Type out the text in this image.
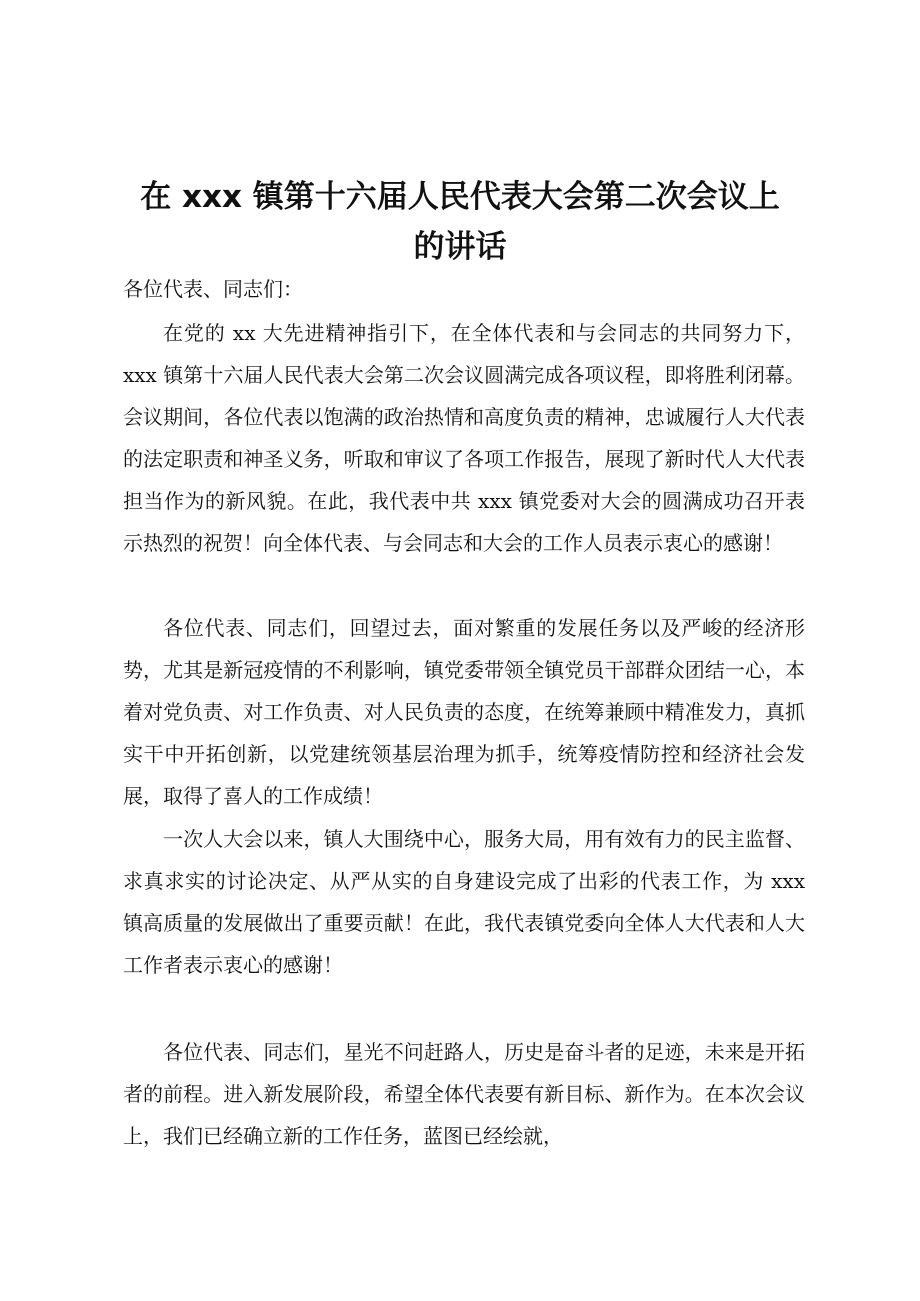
在 xxx 镇第十六届人民代表大会第二次会议上
的讲话

各位代表、同志们：

在党的 xx 大先进精神指引下，在全体代表和与会同志的共同努力下，xxx 镇第十六届人民代表大会第二次会议圆满完成各项议程，即将胜利闭幕。会议期间，各位代表以饱满的政治热情和高度负责的精神，忠诚履行人大代表的法定职责和神圣义务，听取和审议了各项工作报告，展现了新时代人大代表担当作为的新风貌。在此，我代表中共 xxx 镇党委对大会的圆满成功召开表示热烈的祝贺！向全体代表、与会同志和大会的工作人员表示衷心的感谢！

各位代表、同志们，回望过去，面对繁重的发展任务以及严峻的经济形势，尤其是新冠疫情的不利影响，镇党委带领全镇党员干部群众团结一心，本着对党负责、对工作负责、对人民负责的态度，在统筹兼顾中精准发力，真抓实干中开拓创新，以党建统领基层治理为抓手，统筹疫情防控和经济社会发展，取得了喜人的工作成绩！

一次人大会以来，镇人大围绕中心，服务大局，用有效有力的民主监督、求真求实的讨论决定、从严从实的自身建设完成了出彩的代表工作，为 xxx 镇高质量的发展做出了重要贡献！在此，我代表镇党委向全体人大代表和人大工作者表示衷心的感谢！

各位代表、同志们，星光不问赶路人，历史是奋斗者的足迹，未来是开拓者的前程。进入新发展阶段，希望全体代表要有新目标、新作为。在本次会议上，我们已经确立新的工作任务，蓝图已经绘就，
